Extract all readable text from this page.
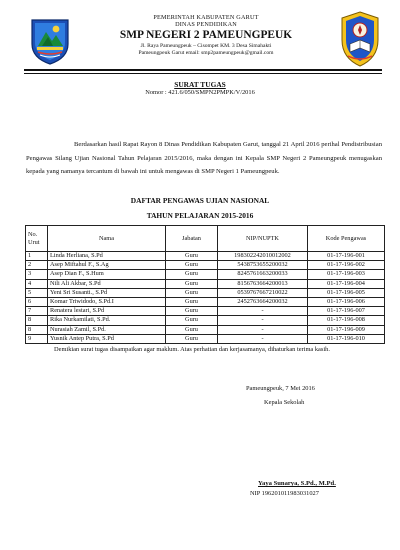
PEMERINTAH KABUPATEN GARUT
DINAS PENDIDIKAN
SMP NEGERI 2 PAMEUNGPEUK
Jl. Raya Pameungpeuk – Cisompet KM. 3 Desa Simahakti
Pameungpeuk Garut email: smp2pameungpeuk@gmail.com
SURAT TUGAS
Nomor : 421.6/050/SMPN2PMPK/V/2016
Berdasarkan hasil Rapat Rayon 8 Dinas Pendidikan Kabupaten Garut, tanggal 21 April 2016 perihal Pendistribusian Pengawas Silang Ujian Nasional Tahun Pelajaran 2015/2016, maka dengan ini Kepala SMP Negeri 2 Pameungpeuk menugaskan kepada yang namanya tercantum di bawah ini untuk mengawas di SMP Negeri 1 Pameungpeuk.
DAFTAR PENGAWAS UJIAN NASIONAL
TAHUN PELAJARAN 2015-2016
No. Urut	Nama	Jabatan	NIP/NUPTK	Kode Pengawas
1	Linda Herliana, S.Pd	Guru	198302242010012002	01-17-196-001
2	Asep Miftahul F., S.Ag	Guru	5438753655200032	01-17-196-002
3	Asep Dian F., S.Hum	Guru	8245761663200033	01-17-196-003
4	Nili Ali Akbar, S.Pd	Guru	8156763664200013	01-17-196-004
5	Yeni Sri Susanti., S.Pd	Guru	0539767667210022	01-17-196-005
6	Komar Triwidodo, S.Pd.I	Guru	2452763664200032	01-17-196-006
7	Renatera lestari, S.Pd	Guru	-	01-17-196-007
8	Rika Nurkamilati, S.Pd.	Guru	-	01-17-196-008
8	Nurasiah Zamil, S.Pd.	Guru	-	01-17-196-009
9	Yusnik Antep Putra, S.Pd	Guru	-	01-17-196-010
Demikian surat tugas disampaikan agar maklum. Atas perhatian dan kerjasamanya, dihaturkan terima kasih.
Pameungpeuk, 7 Mei 2016
Kepala Sekolah
Yaya Sunarya, S.Pd., M.Pd.
NIP 196201011983031027
